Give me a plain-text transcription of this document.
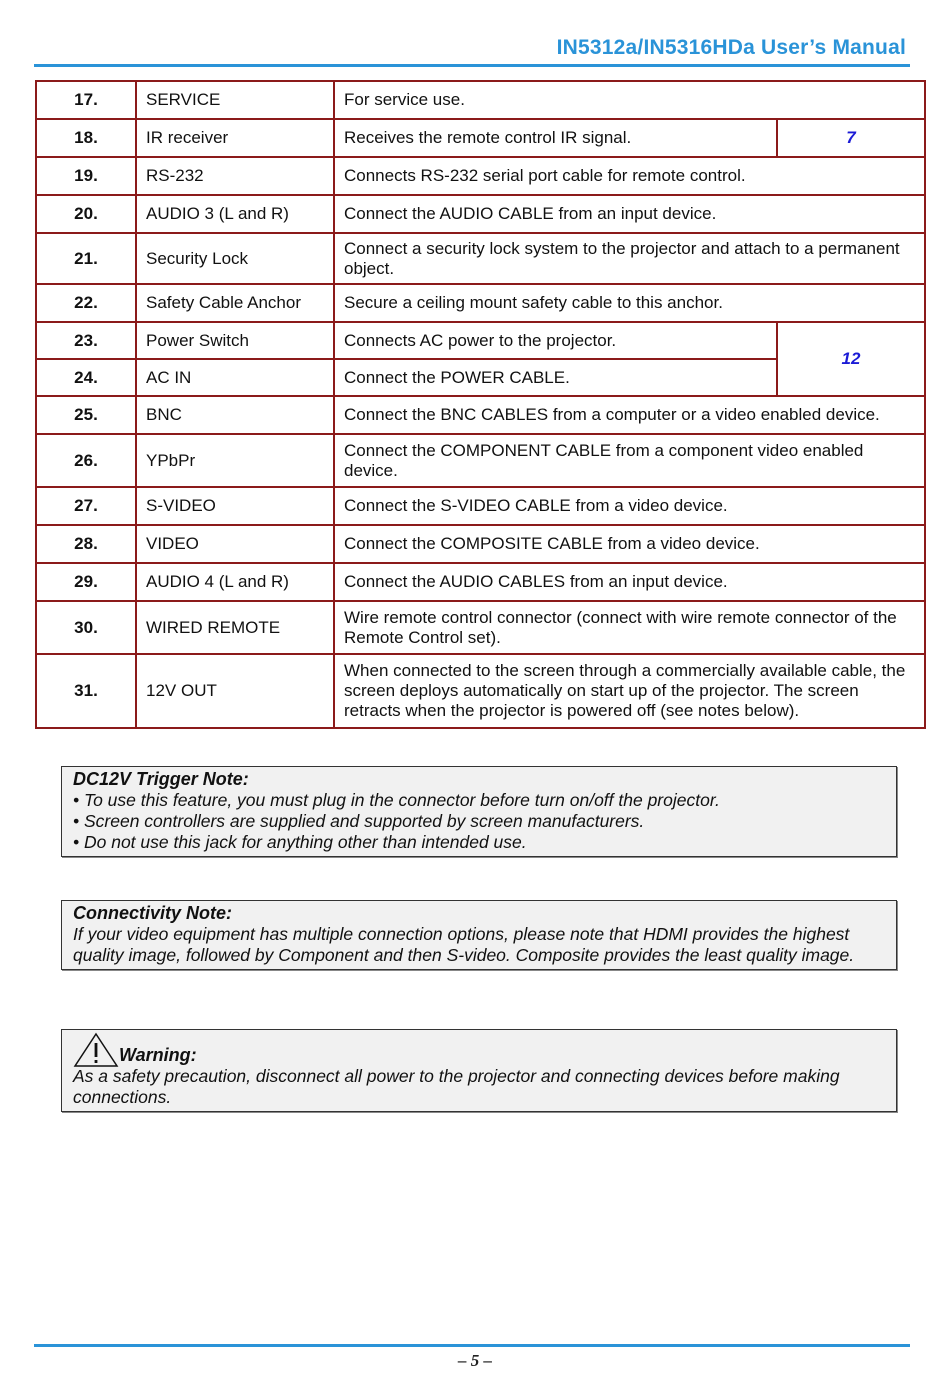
IN5312a/IN5316HDa User’s Manual
17.	SERVICE	For service use.	
18.	IR receiver	Receives the remote control IR signal.	7
19.	RS-232	Connects RS-232 serial port cable for remote control.	
20.	AUDIO 3 (L and R)	Connect the AUDIO CABLE from an input device.	
21.	Security Lock	Connect a security lock system to the projector and attach to a permanent object.	
22.	Safety Cable Anchor	Secure a ceiling mount safety cable to this anchor.	
23.	Power Switch	Connects AC power to the projector.	12
24.	AC IN	Connect the POWER CABLE.	
25.	BNC	Connect the BNC CABLES from a computer or a video enabled device.	
26.	YPbPr	Connect the COMPONENT CABLE from a component video enabled device.	
27.	S-VIDEO	Connect the S-VIDEO CABLE from a video device.	
28.	VIDEO	Connect the COMPOSITE CABLE from a video device.	
29.	AUDIO 4 (L and R)	Connect the AUDIO CABLES from an input device.	
30.	WIRED REMOTE	Wire remote control connector (connect with wire remote connector of the Remote Control set).	
31.	12V OUT	When connected to the screen through a commercially available cable, the screen deploys automatically on start up of the projector. The screen retracts when the projector is powered off (see notes below).	
DC12V Trigger Note:
• To use this feature, you must plug in the connector before turn on/off the projector.
• Screen controllers are supplied and supported by screen manufacturers.
• Do not use this jack for anything other than intended use.
Connectivity Note:
If your video equipment has multiple connection options, please note that HDMI provides the highest quality image, followed by Component and then S-video. Composite provides the least quality image.
Warning:
As a safety precaution, disconnect all power to the projector and connecting devices before making connections.
– 5 –
